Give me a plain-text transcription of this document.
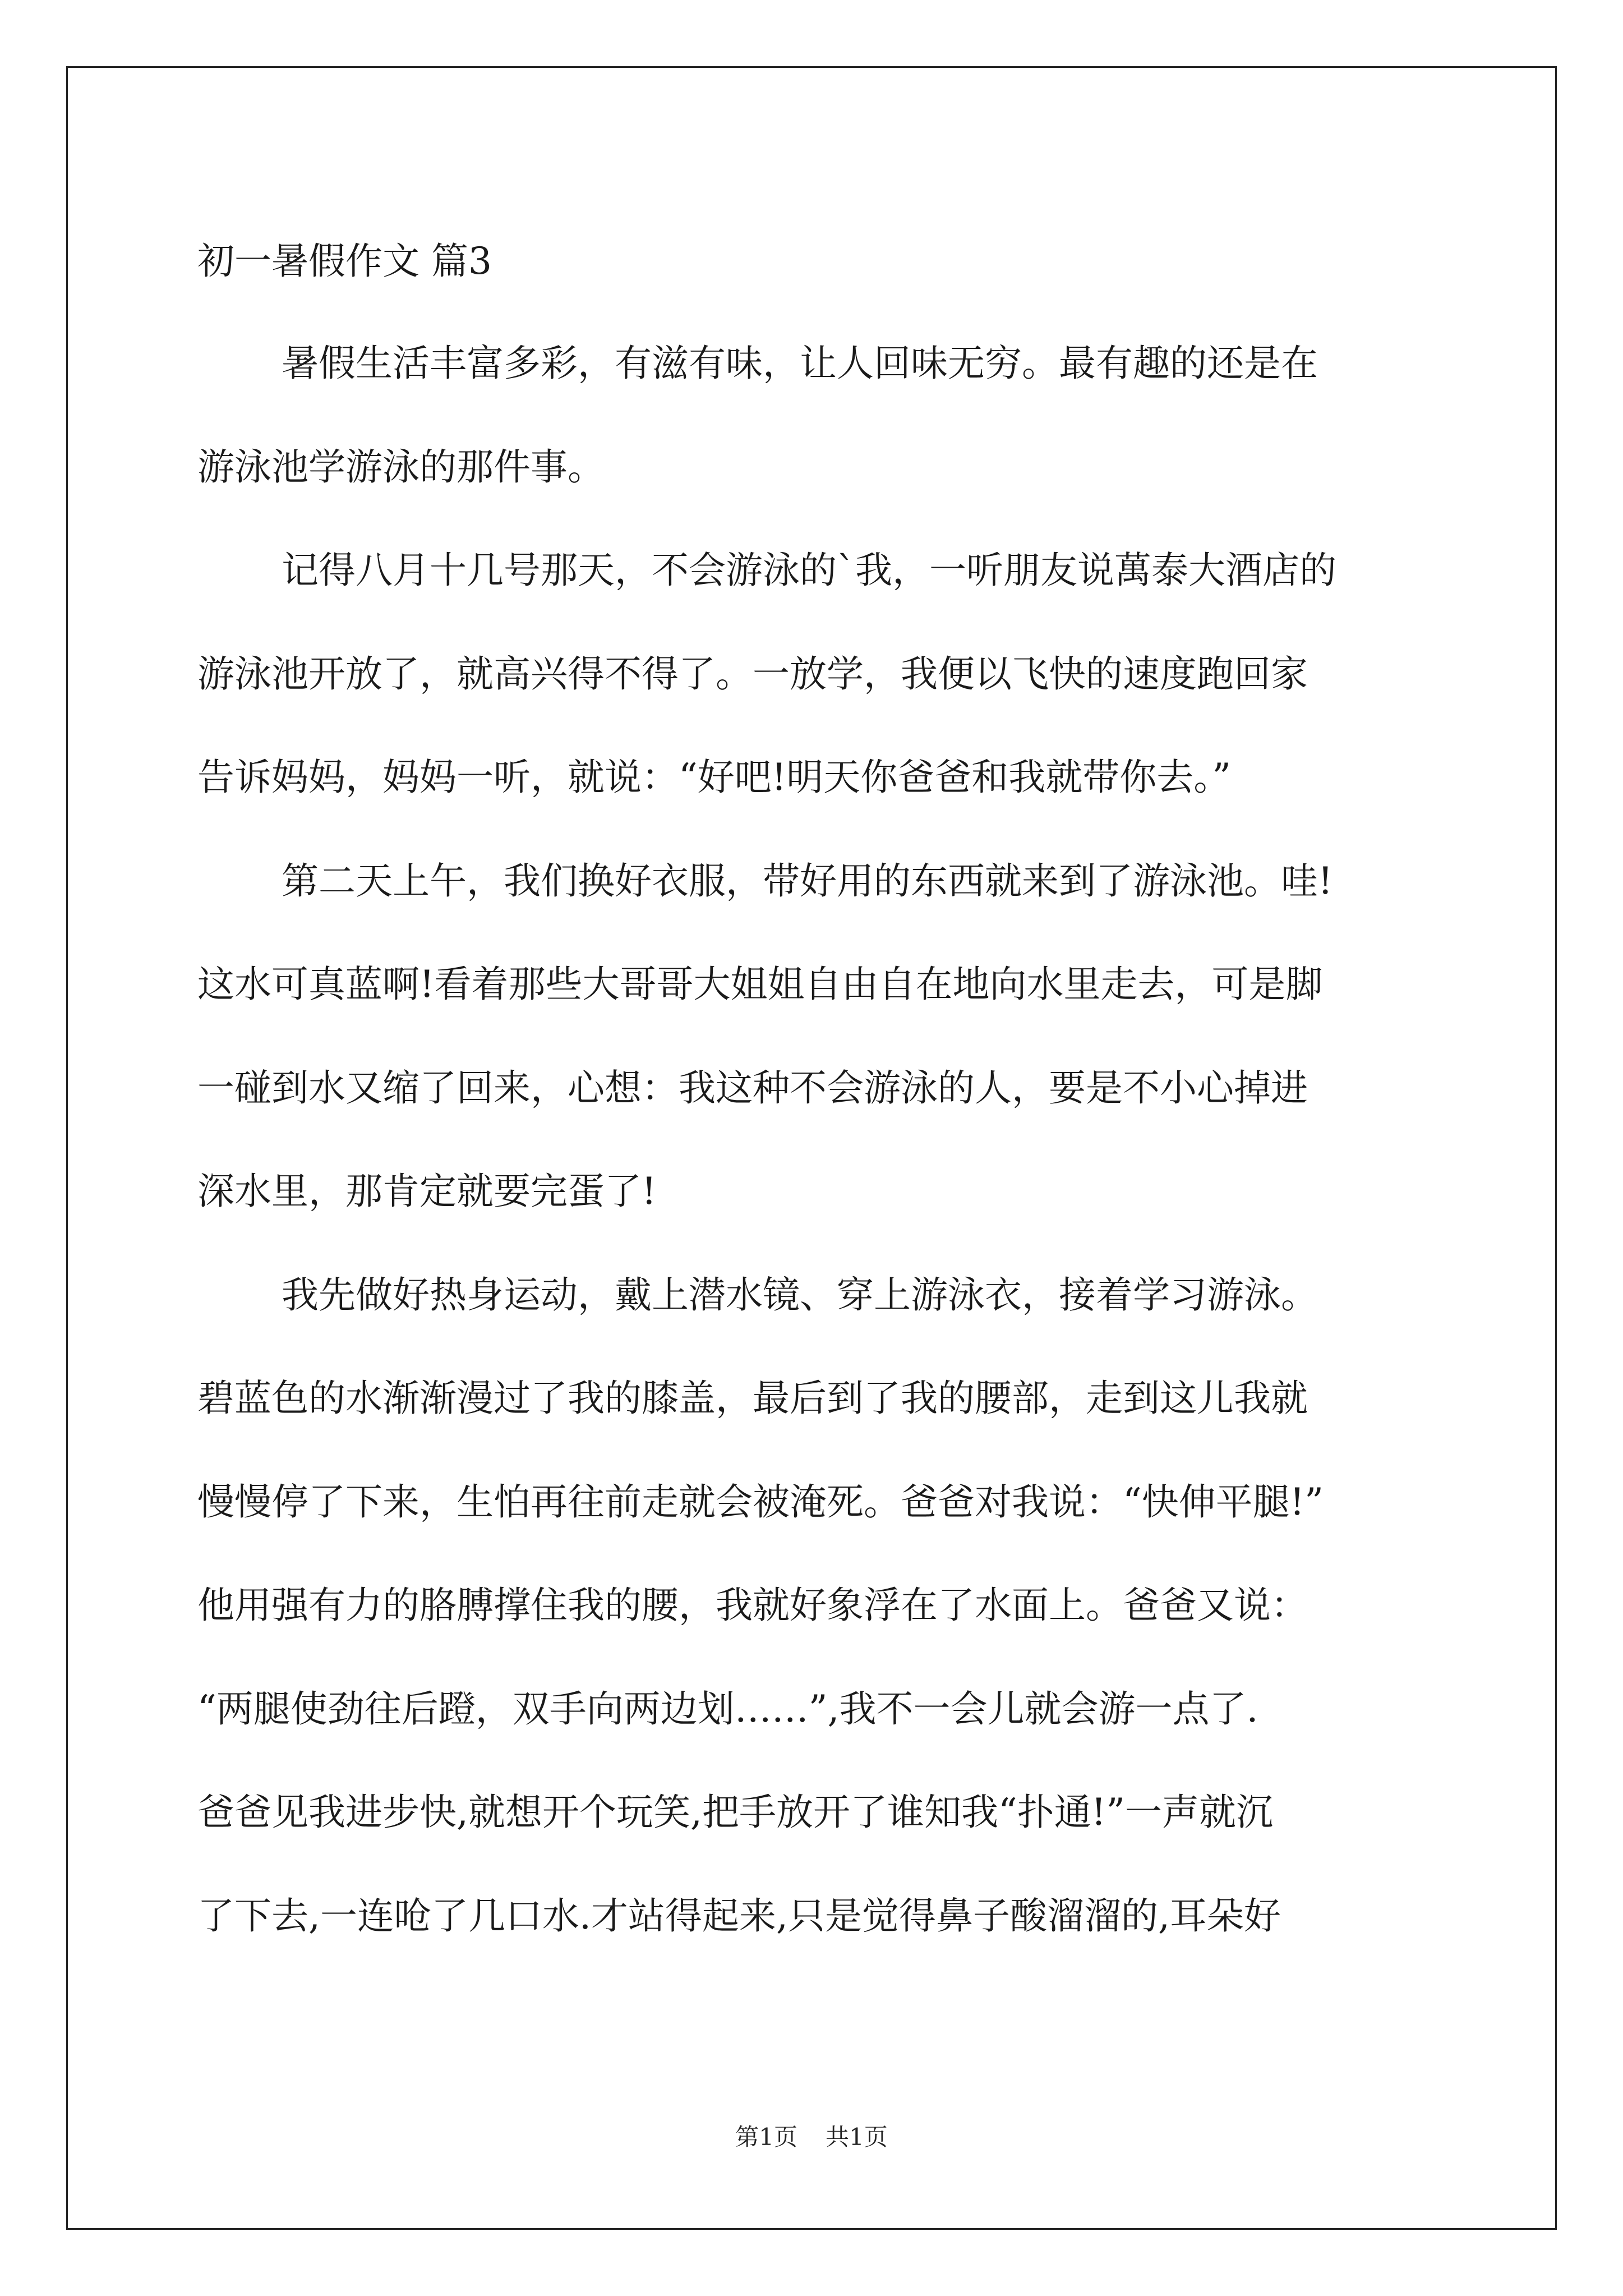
初一暑假作文 篇3

暑假生活丰富多彩，有滋有味，让人回味无穷。最有趣的还是在

游泳池学游泳的那件事。

记得八月十几号那天，不会游泳的`我，一听朋友说萬泰大酒店的

游泳池开放了，就高兴得不得了。一放学，我便以飞快的速度跑回家

告诉妈妈，妈妈一听，就说：“好吧!明天你爸爸和我就带你去。”

第二天上午，我们换好衣服，带好用的东西就来到了游泳池。哇!

这水可真蓝啊!看着那些大哥哥大姐姐自由自在地向水里走去，可是脚

一碰到水又缩了回来，心想：我这种不会游泳的人，要是不小心掉进

深水里，那肯定就要完蛋了!

我先做好热身运动，戴上潜水镜、穿上游泳衣，接着学习游泳。

碧蓝色的水渐渐漫过了我的膝盖，最后到了我的腰部，走到这儿我就

慢慢停了下来，生怕再往前走就会被淹死。爸爸对我说：“快伸平腿!”

他用强有力的胳膊撑住我的腰，我就好象浮在了水面上。爸爸又说：

“两腿使劲往后蹬，双手向两边划……”,我不一会儿就会游一点了.

爸爸见我进步快,就想开个玩笑,把手放开了谁知我“扑通!”一声就沉

了下去,一连呛了几口水.才站得起来,只是觉得鼻子酸溜溜的,耳朵好

第1页 共1页
